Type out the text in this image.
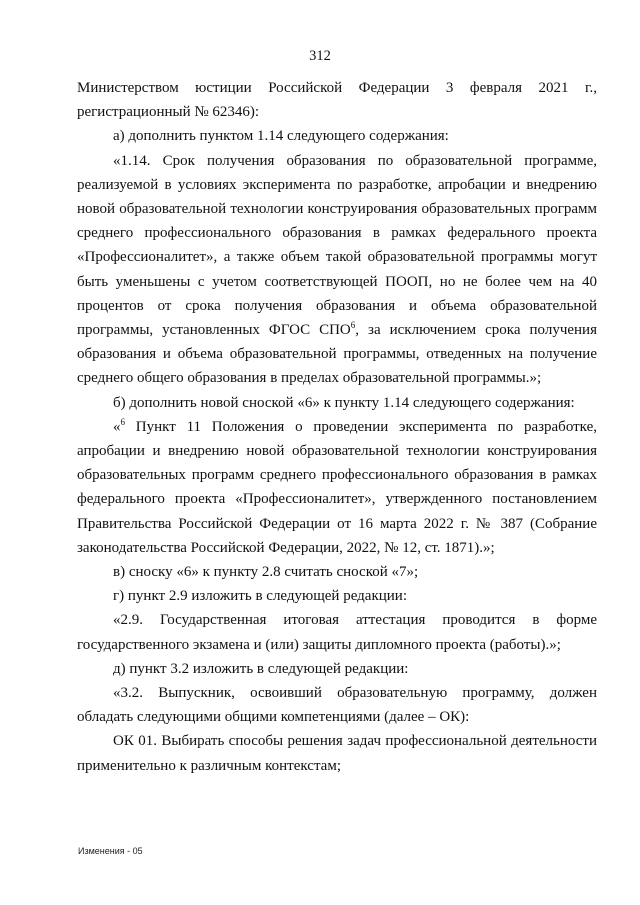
312

Министерством юстиции Российской Федерации 3 февраля 2021 г., регистрационный № 62346):

а) дополнить пунктом 1.14 следующего содержания:

«1.14. Срок получения образования по образовательной программе, реализуемой в условиях эксперимента по разработке, апробации и внедрению новой образовательной технологии конструирования образовательных программ среднего профессионального образования в рамках федерального проекта «Профессионалитет», а также объем такой образовательной программы могут быть уменьшены с учетом соответствующей ПООП, но не более чем на 40 процентов от срока получения образования и объема образовательной программы, установленных ФГОС СПО$^6$, за исключением срока получения образования и объема образовательной программы, отведенных на получение среднего общего образования в пределах образовательной программы.»;

б) дополнить новой сноской «6» к пункту 1.14 следующего содержания:

«$^6$ Пункт 11 Положения о проведении эксперимента по разработке, апробации и внедрению новой образовательной технологии конструирования образовательных программ среднего профессионального образования в рамках федерального проекта «Профессионалитет», утвержденного постановлением Правительства Российской Федерации от 16 марта 2022 г. № 387 (Собрание законодательства Российской Федерации, 2022, № 12, ст. 1871).»;

в) сноску «6» к пункту 2.8 считать сноской «7»;

г) пункт 2.9 изложить в следующей редакции:

«2.9. Государственная итоговая аттестация проводится в форме государственного экзамена и (или) защиты дипломного проекта (работы).»;

д) пункт 3.2 изложить в следующей редакции:

«3.2. Выпускник, освоивший образовательную программу, должен обладать следующими общими компетенциями (далее – ОК):

ОК 01. Выбирать способы решения задач профессиональной деятельности применительно к различным контекстам;

Изменения - 05
